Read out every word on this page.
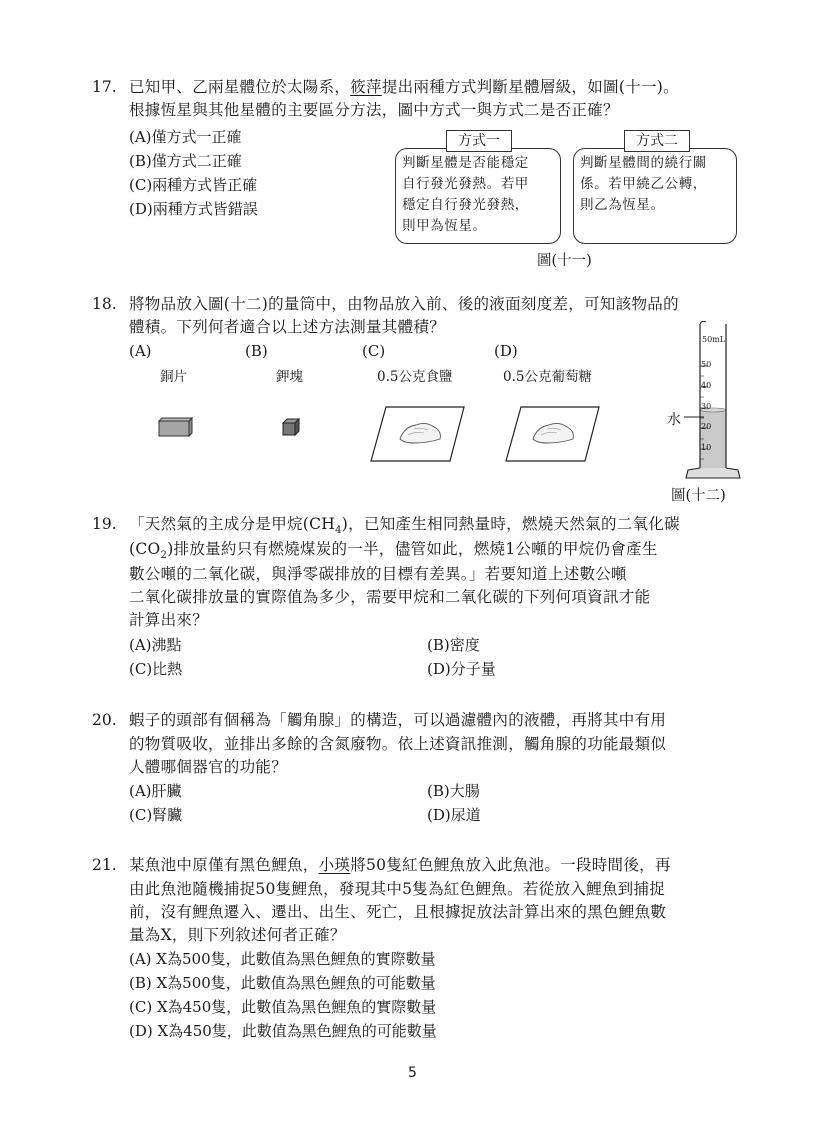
17. 已知甲、乙兩星體位於太陽系，筱萍提出兩種方式判斷星體層級，如圖(十一)。
根據恆星與其他星體的主要區分方法，圖中方式一與方式二是否正確？
(A)僅方式一正確
(B)僅方式二正確
(C)兩種方式皆正確
(D)兩種方式皆錯誤
判斷星體是否能穩定
自行發光發熱。若甲
穩定自行發光發熱，
則甲為恆星。
方式一
判斷星體間的繞行關
係。若甲繞乙公轉，
則乙為恆星。
方式二
圖(十一)
18. 將物品放入圖(十二)的量筒中，由物品放入前、後的液面刻度差，可知該物品的
體積。下列何者適合以上述方法測量其體積？
(A)	(B)	(C)	(D)
銅片	鉀塊	0.5公克食鹽	0.5公克葡萄糖
50mL
50
40
30
20
10
水
圖(十二)
19. 「天然氣的主成分是甲烷$(CH_4)$，已知產生相同熱量時，燃燒天然氣的二氧化碳
$(CO_2)$排放量約只有燃燒煤炭的一半，儘管如此，燃燒1公噸的甲烷仍會產生
數公噸的二氧化碳，與淨零碳排放的目標有差異。」若要知道上述數公噸
二氧化碳排放量的實際值為多少，需要甲烷和二氧化碳的下列何項資訊才能
計算出來？
(A)沸點	(B)密度
(C)比熱	(D)分子量
20. 蝦子的頭部有個稱為「觸角腺」的構造，可以過濾體內的液體，再將其中有用
的物質吸收，並排出多餘的含氮廢物。依上述資訊推測，觸角腺的功能最類似
人體哪個器官的功能？
(A)肝臟	(B)大腸
(C)腎臟	(D)尿道
21. 某魚池中原僅有黑色鯉魚，小瑛將50隻紅色鯉魚放入此魚池。一段時間後，再
由此魚池隨機捕捉50隻鯉魚，發現其中5隻為紅色鯉魚。若從放入鯉魚到捕捉
前，沒有鯉魚遷入、遷出、出生、死亡，且根據捉放法計算出來的黑色鯉魚數
量為X，則下列敘述何者正確？
(A) X為500隻，此數值為黑色鯉魚的實際數量
(B) X為500隻，此數值為黑色鯉魚的可能數量
(C) X為450隻，此數值為黑色鯉魚的實際數量
(D) X為450隻，此數值為黑色鯉魚的可能數量
5
